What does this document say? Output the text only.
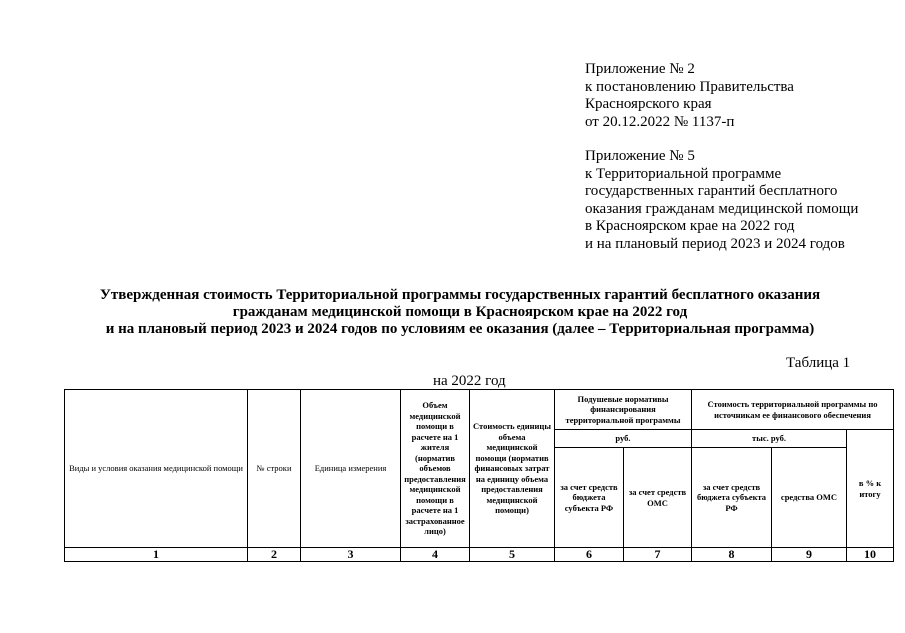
Приложение № 2
к постановлению Правительства
Красноярского края
от 20.12.2022 № 1137-п
Приложение № 5
к Территориальной программе
государственных гарантий бесплатного
оказания гражданам медицинской помощи
в Красноярском крае на 2022 год
и на плановый период 2023 и 2024 годов
Утвержденная стоимость Территориальной программы государственных гарантий бесплатного оказания
гражданам медицинской помощи в Красноярском крае на 2022 год
и на плановый период 2023 и 2024 годов по условиям ее оказания (далее – Территориальная программа)
Таблица 1
на 2022 год
Виды и условия оказания медицинской помощи	№ строки	Единица измерения	Объем медицинской помощи в расчете на 1 жителя (норматив объемов предоставления медицинской помощи в расчете на 1 застрахованное лицо)	Стоимость единицы объема медицинской помощи (норматив финансовых затрат на единицу объема предоставления медицинской помощи)	Подушевые нормативы финансирования территориальной программы		Стоимость территориальной программы по источникам ее финансового обеспечения		
					руб.		тыс. руб.		в % к итогу
					за счет средств бюджета субъекта РФ	за счет средств ОМС	за счет средств бюджета субъекта РФ	средства ОМС	
1	2	3	4	5	6	7	8	9	10
